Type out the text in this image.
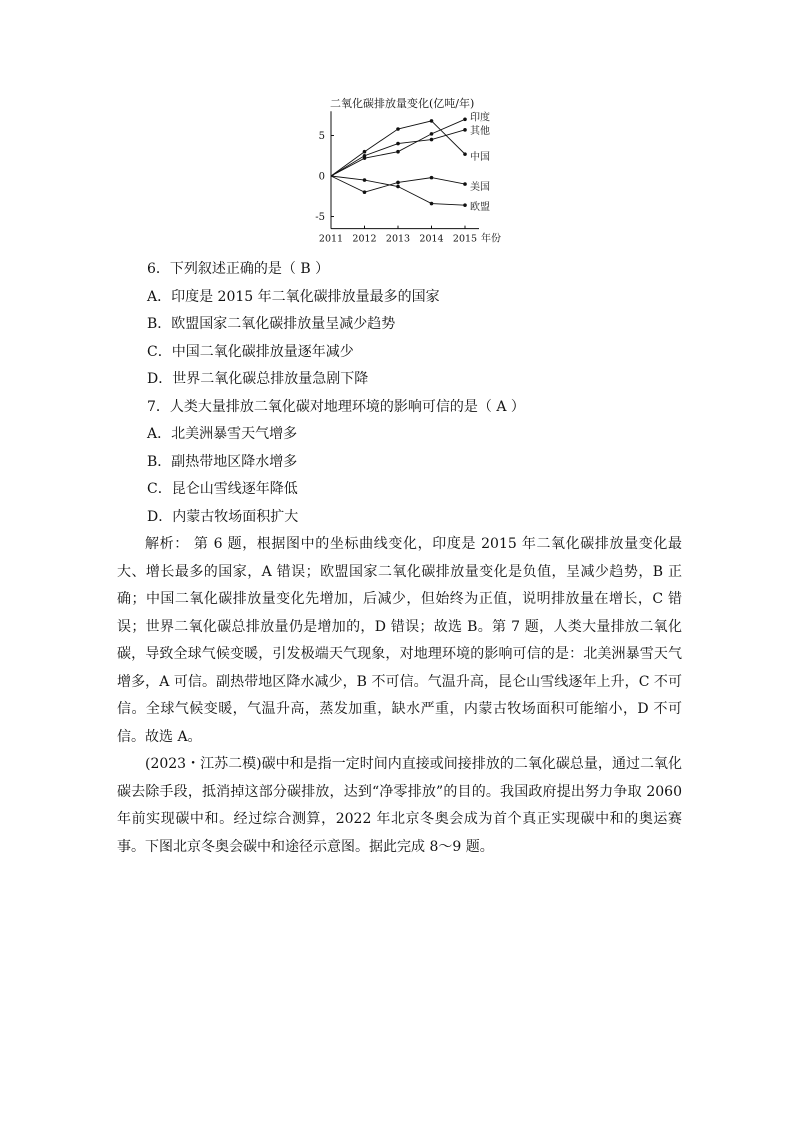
二氧化碳排放量变化(亿吨/年)
印度
其他
中国
美国
欧盟
5
0
-5
2011 2012 2013 2014 2015 年份
6．下列叙述正确的是（ B ）
A．印度是 2015 年二氧化碳排放量最多的国家
B．欧盟国家二氧化碳排放量呈减少趋势
C．中国二氧化碳排放量逐年减少
D．世界二氧化碳总排放量急剧下降
7．人类大量排放二氧化碳对地理环境的影响可信的是（ A ）
A．北美洲暴雪天气增多
B．副热带地区降水增多
C．昆仑山雪线逐年降低
D．内蒙古牧场面积扩大
解析： 第 6 题，根据图中的坐标曲线变化，印度是 2015 年二氧化碳排放量变化最大、增长最多的国家，A 错误；欧盟国家二氧化碳排放量变化是负值，呈减少趋势，B 正确；中国二氧化碳排放量变化先增加，后减少，但始终为正值，说明排放量在增长，C 错误；世界二氧化碳总排放量仍是增加的，D 错误；故选 B。第 7 题，人类大量排放二氧化碳，导致全球气候变暖，引发极端天气现象，对地理环境的影响可信的是：北美洲暴雪天气增多，A 可信。副热带地区降水减少，B 不可信。气温升高，昆仑山雪线逐年上升，C 不可信。全球气候变暖，气温升高，蒸发加重，缺水严重，内蒙古牧场面积可能缩小，D 不可信。故选 A。
(2023・江苏二模)碳中和是指一定时间内直接或间接排放的二氧化碳总量，通过二氧化碳去除手段，抵消掉这部分碳排放，达到“净零排放”的目的。我国政府提出努力争取 2060 年前实现碳中和。经过综合测算，2022 年北京冬奥会成为首个真正实现碳中和的奥运赛事。下图北京冬奥会碳中和途径示意图。据此完成 8～9 题。
